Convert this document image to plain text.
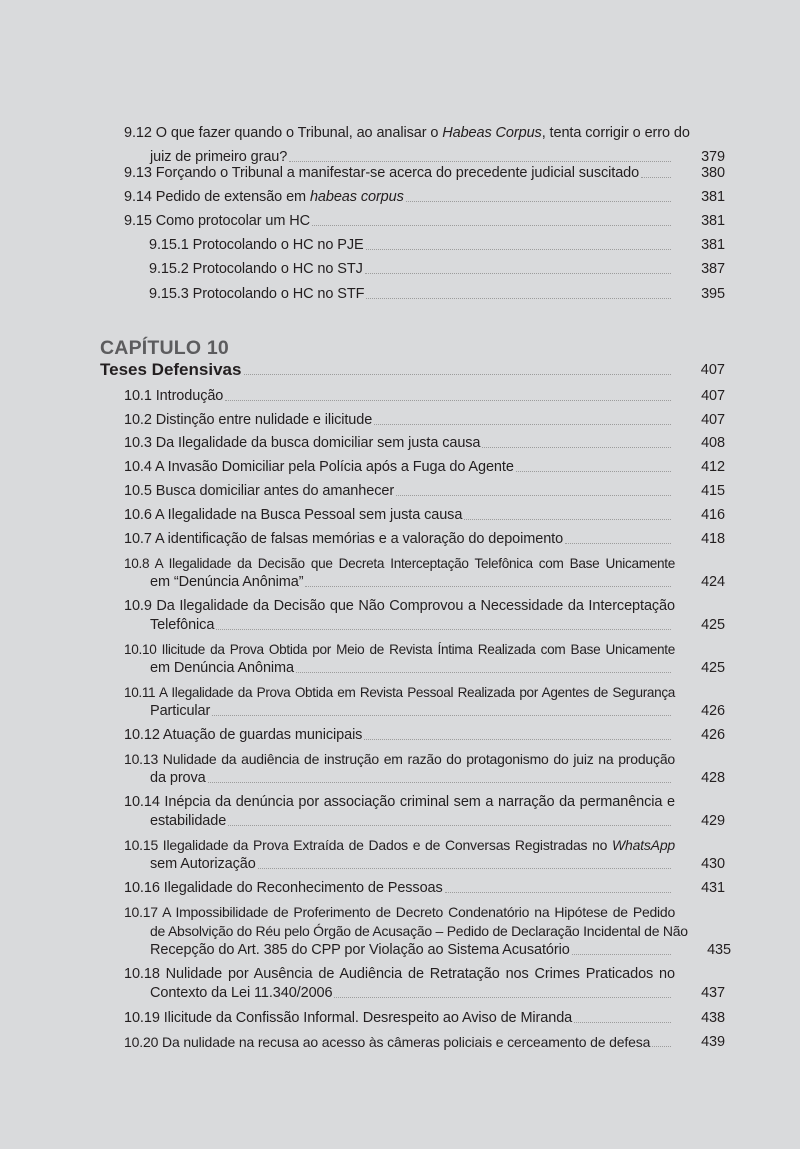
9.12 O que fazer quando o Tribunal, ao analisar o Habeas Corpus, tenta corrigir o erro do
juiz de primeiro grau?	379
9.13 Forçando o Tribunal a manifestar-se acerca do precedente judicial suscitado	380
9.14 Pedido de extensão em habeas corpus	381
9.15 Como protocolar um HC	381
9.15.1 Protocolando o HC no PJE	381
9.15.2 Protocolando o HC no STJ	387
9.15.3 Protocolando o HC no STF	395
CAPÍTULO 10
Teses Defensivas	407
10.1 Introdução	407
10.2 Distinção entre nulidade e ilicitude	407
10.3 Da Ilegalidade da busca domiciliar sem justa causa	408
10.4 A Invasão Domiciliar pela Polícia após a Fuga do Agente	412
10.5 Busca domiciliar antes do amanhecer	415
10.6 A Ilegalidade na Busca Pessoal sem justa causa	416
10.7 A identificação de falsas memórias e a valoração do depoimento	418
10.8 A Ilegalidade da Decisão que Decreta Interceptação Telefônica com Base Unicamente
em “Denúncia Anônima”	424
10.9 Da Ilegalidade da Decisão que Não Comprovou a Necessidade da Interceptação
Telefônica	425
10.10 Ilicitude da Prova Obtida por Meio de Revista Íntima Realizada com Base Unicamente
em Denúncia Anônima	425
10.11 A Ilegalidade da Prova Obtida em Revista Pessoal Realizada por Agentes de Segurança
Particular	426
10.12 Atuação de guardas municipais	426
10.13 Nulidade da audiência de instrução em razão do protagonismo do juiz na produção
da prova	428
10.14 Inépcia da denúncia por associação criminal sem a narração da permanência e
estabilidade	429
10.15 Ilegalidade da Prova Extraída de Dados e de Conversas Registradas no WhatsApp
sem Autorização	430
10.16 Ilegalidade do Reconhecimento de Pessoas	431
10.17 A Impossibilidade de Proferimento de Decreto Condenatório na Hipótese de Pedido
de Absolvição do Réu pelo Órgão de Acusação – Pedido de Declaração Incidental de Não
Recepção do Art. 385 do CPP por Violação ao Sistema Acusatório	435
10.18 Nulidade por Ausência de Audiência de Retratação nos Crimes Praticados no
Contexto da Lei 11.340/2006	437
10.19 Ilicitude da Confissão Informal. Desrespeito ao Aviso de Miranda	438
10.20 Da nulidade na recusa ao acesso às câmeras policiais e cerceamento de defesa	439
